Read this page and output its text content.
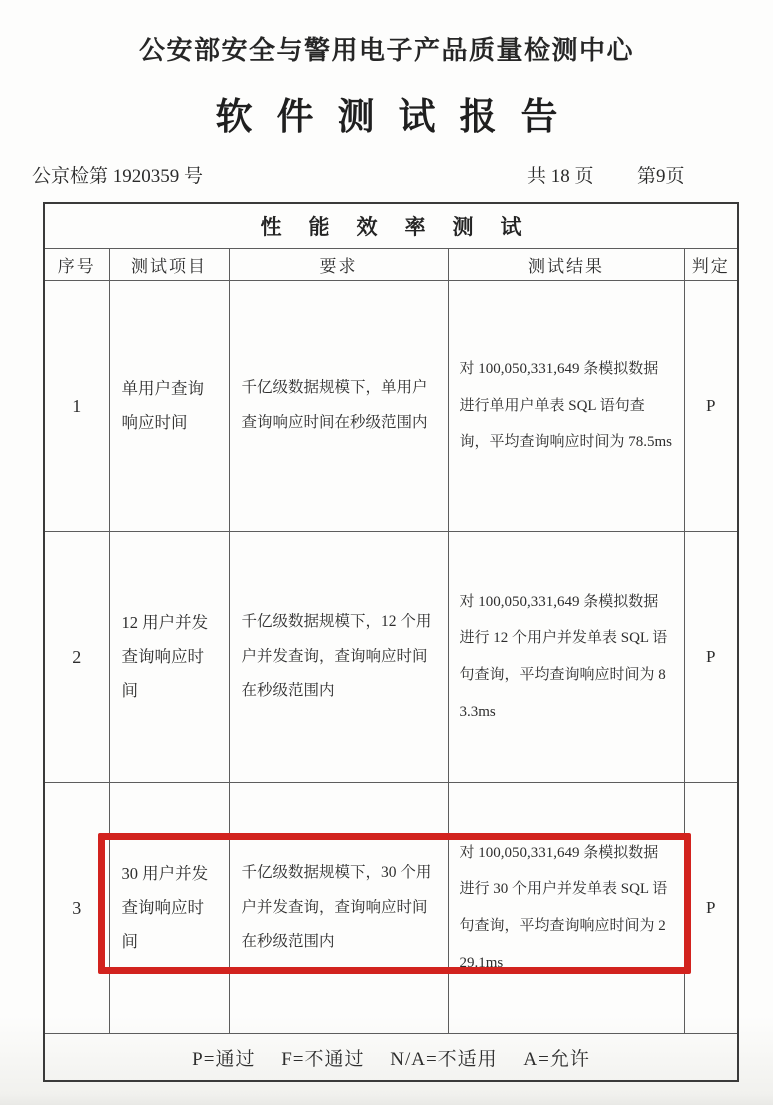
公安部安全与警用电子产品质量检测中心
软件测试报告
公京检第 1920359 号	共 18 页 第9页
性能效率测试				
序号	测试项目	要求	测试结果	判定
1	单用户查询响应时间	千亿级数据规模下，单用户查询响应时间在秒级范围内	对 100,050,331,649 条模拟数据进行单用户单表 SQL 语句查询，平均查询响应时间为 78.5ms	P
2	12 用户并发查询响应时间	千亿级数据规模下，12 个用户并发查询，查询响应时间在秒级范围内	对 100,050,331,649 条模拟数据进行 12 个用户并发单表 SQL 语句查询，平均查询响应时间为 83.3ms	P
3	30 用户并发查询响应时间	千亿级数据规模下，30 个用户并发查询，查询响应时间在秒级范围内	对 100,050,331,649 条模拟数据进行 30 个用户并发单表 SQL 语句查询，平均查询响应时间为 229.1ms	P
P=通过　 F=不通过　 N/A=不适用　 A=允许				
